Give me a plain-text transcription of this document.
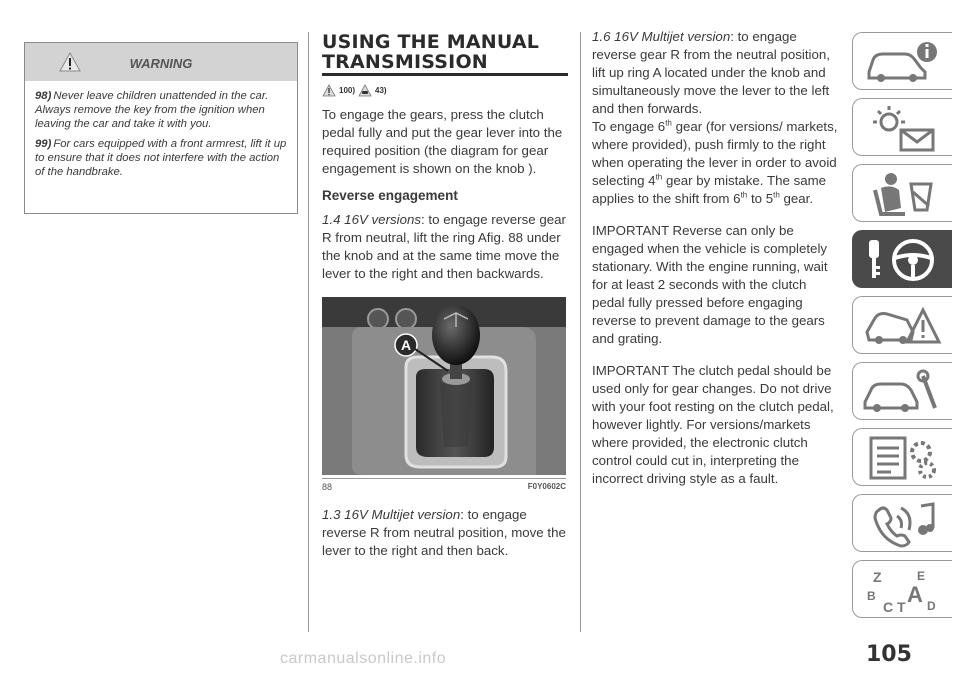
WARNING

98) Never leave children unattended in the car. Always remove the key from the ignition when leaving the car and take it with you.

99) For cars equipped with a front armrest, lift it up to ensure that it does not interfere with the action of the handbrake.

USING THE MANUAL
TRANSMISSION
100)	43)

To engage the gears, press the clutch pedal fully and put the gear lever into the required position (the diagram for gear engagement is shown on the knob ).

Reverse engagement

1.4 16V versions: to engage reverse gear R from neutral, lift the ring Afig. 88 under the knob and at the same time move the lever to the right and then backwards.

A
88	F0Y0602C

1.3 16V Multijet version: to engage reverse R from neutral position, move the lever to the right and then back.

1.6 16V Multijet version: to engage reverse gear R from the neutral position, lift up ring A located under the knob and simultaneously move the lever to the left and then forwards.

To engage 6th gear (for versions/ markets, where provided), push firmly to the right when operating the lever in order to avoid selecting 4th gear by mistake. The same applies to the shift from 6th to 5th gear.

IMPORTANT Reverse can only be engaged when the vehicle is completely stationary. With the engine running, wait for at least 2 seconds with the clutch pedal fully pressed before engaging reverse to prevent damage to the gears and grating.

IMPORTANT The clutch pedal should be used only for gear changes. Do not drive with your foot resting on the clutch pedal, however lightly. For versions/markets where provided, the electronic clutch control could cut in, interpreting the incorrect driving style as a fault.

Z	E
B A
C T D
105
carmanualsonline.info
